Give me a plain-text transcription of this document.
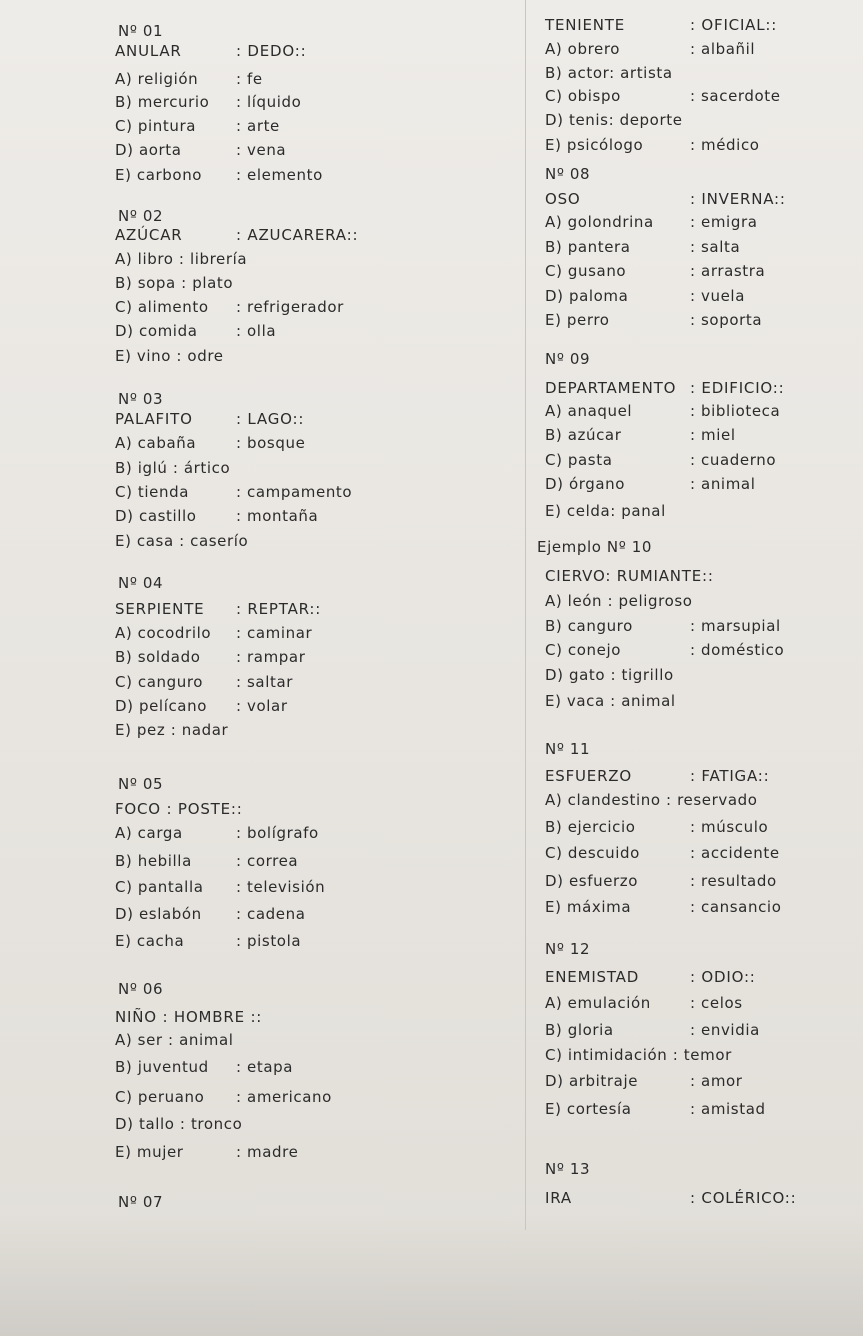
Nº 01
ANULAR	: DEDO::
A) religión	: fe
B) mercurio : líquido
C) pintura	: arte
D) aorta	: vena
E) carbono : elemento
Nº 02
AZÚCAR	: AZUCARERA::
A) libro : librería
B) sopa : plato
C) alimento : refrigerador
D) comida	: olla
E) vino : odre
Nº 03
PALAFITO	: LAGO::
A) cabaña	: bosque
B) iglú : ártico
C) tienda	: campamento
D) castillo	: montaña
E) casa : caserío
Nº 04
SERPIENTE : REPTAR::
A) cocodrilo : caminar
B) soldado : rampar
C) canguro : saltar
D) pelícano : volar
E) pez : nadar
Nº 05
FOCO : POSTE::
A) carga	: bolígrafo
B) hebilla	: correa
C) pantalla : televisión
D) eslabón : cadena
E) cacha	: pistola
Nº 06
NIÑO : HOMBRE ::
A) ser : animal
B) juventud : etapa
C) peruano : americano
D) tallo : tronco
E) mujer	: madre
Nº 07
TENIENTE	: OFICIAL::
A) obrero	: albañil
B) actor: artista
C) obispo	: sacerdote
D) tenis: deporte
E) psicólogo	: médico
Nº 08
OSO	: INVERNA::
A) golondrina : emigra
B) pantera	: salta
C) gusano	: arrastra
D) paloma	: vuela
E) perro	: soporta
Nº 09
DEPARTAMENTO : EDIFICIO::
A) anaquel	: biblioteca
B) azúcar	: miel
C) pasta	: cuaderno
D) órgano	: animal
E) celda: panal
Ejemplo Nº 10
CIERVO: RUMIANTE::
A) león : peligroso
B) canguro	: marsupial
C) conejo	: doméstico
D) gato : tigrillo
E) vaca : animal
Nº 11
ESFUERZO	: FATIGA::
A) clandestino : reservado
B) ejercicio	: músculo
C) descuido	: accidente
D) esfuerzo	: resultado
E) máxima	: cansancio
Nº 12
ENEMISTAD	: ODIO::
A) emulación	: celos
B) gloria	: envidia
C) intimidación : temor
D) arbitraje	: amor
E) cortesía	: amistad
Nº 13
IRA	: COLÉRICO::
